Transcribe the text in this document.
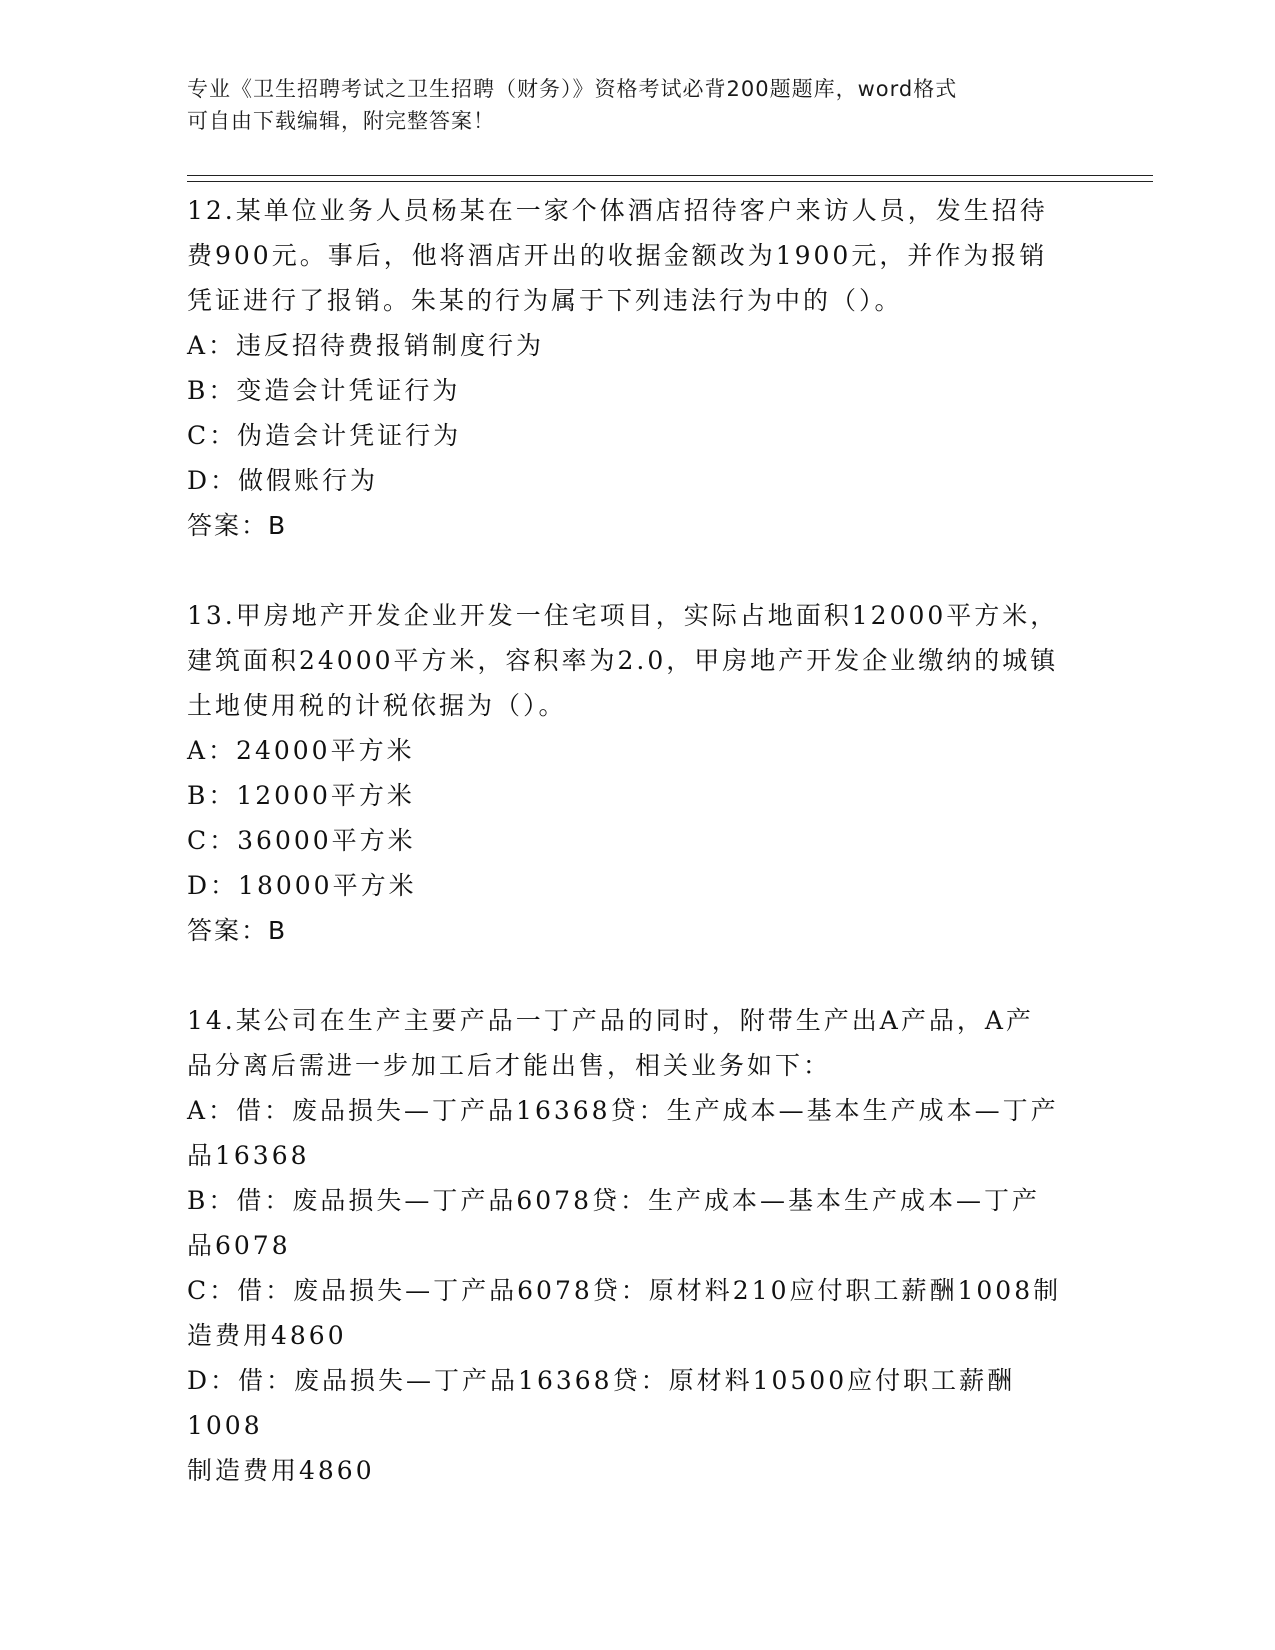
专业《卫生招聘考试之卫生招聘（财务）》资格考试必背200题题库，word格式
可自由下载编辑，附完整答案！

12.某单位业务人员杨某在一家个体酒店招待客户来访人员，发生招待

费900元。事后，他将酒店开出的收据金额改为1900元，并作为报销

凭证进行了报销。朱某的行为属于下列违法行为中的（）。

A：违反招待费报销制度行为

B：变造会计凭证行为

C：伪造会计凭证行为

D：做假账行为

答案：B

13.甲房地产开发企业开发一住宅项目，实际占地面积12000平方米，

建筑面积24000平方米，容积率为2.0，甲房地产开发企业缴纳的城镇

土地使用税的计税依据为（）。

A：24000平方米

B：12000平方米

C：36000平方米

D：18000平方米

答案：B

14.某公司在生产主要产品一丁产品的同时，附带生产出A产品，A产

品分离后需进一步加工后才能出售，相关业务如下：

A：借：废品损失—丁产品16368贷：生产成本—基本生产成本—丁产

品16368

B：借：废品损失—丁产品6078贷：生产成本—基本生产成本—丁产

品6078

C：借：废品损失—丁产品6078贷：原材料210应付职工薪酬1008制

造费用4860

D：借：废品损失—丁产品16368贷：原材料10500应付职工薪酬1008

制造费用4860
